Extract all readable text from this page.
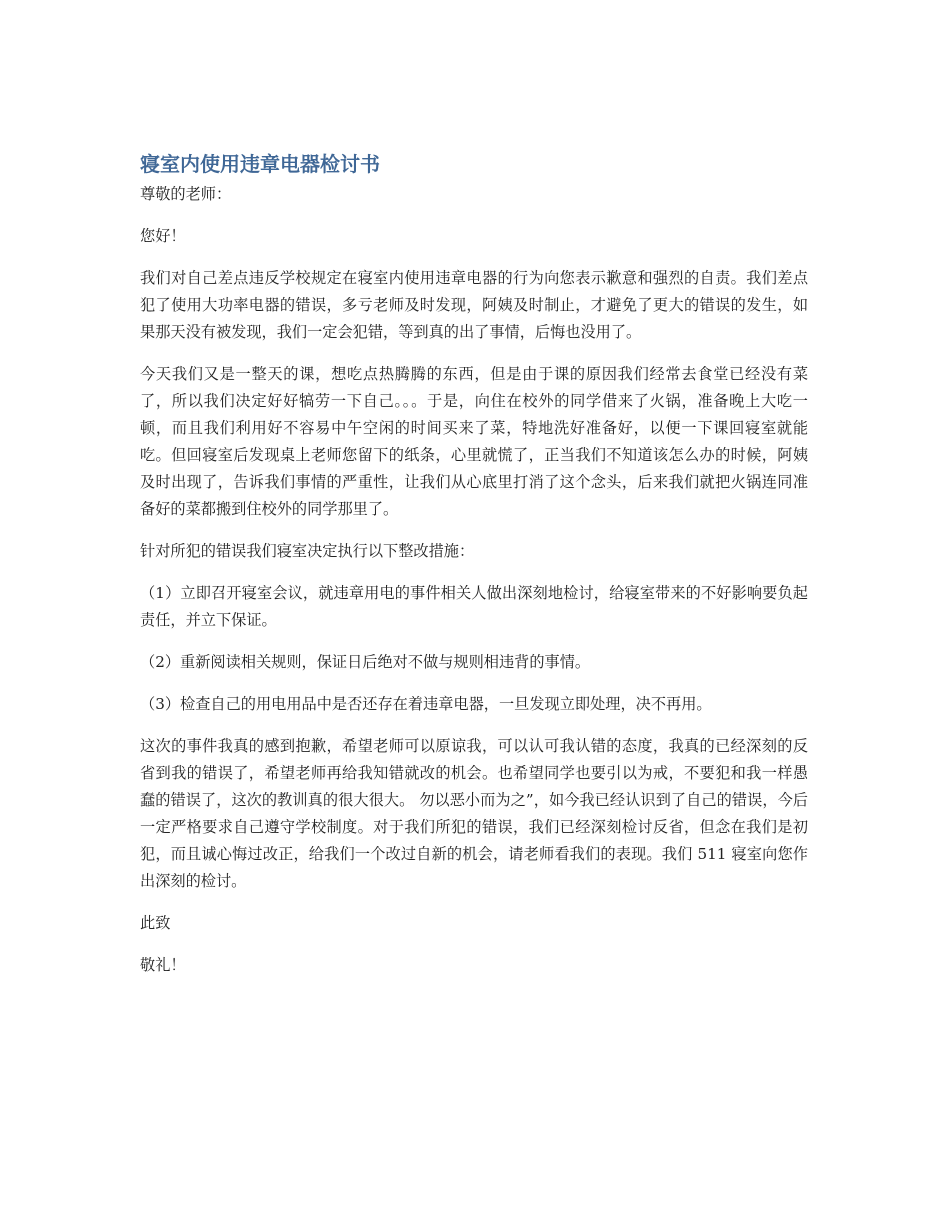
寝室内使用违章电器检讨书

尊敬的老师：

您好！

我们对自己差点违反学校规定在寝室内使用违章电器的行为向您表示歉意和强烈的自责。我们差点犯了使用大功率电器的错误，多亏老师及时发现，阿姨及时制止，才避免了更大的错误的发生，如果那天没有被发现，我们一定会犯错，等到真的出了事情，后悔也没用了。

今天我们又是一整天的课，想吃点热腾腾的东西，但是由于课的原因我们经常去食堂已经没有菜了，所以我们决定好好犒劳一下自己。。。于是，向住在校外的同学借来了火锅，准备晚上大吃一顿，而且我们利用好不容易中午空闲的时间买来了菜，特地洗好准备好，以便一下课回寝室就能吃。但回寝室后发现桌上老师您留下的纸条，心里就慌了，正当我们不知道该怎么办的时候，阿姨及时出现了，告诉我们事情的严重性，让我们从心底里打消了这个念头，后来我们就把火锅连同准备好的菜都搬到住校外的同学那里了。

针对所犯的错误我们寝室决定执行以下整改措施：

（1）立即召开寝室会议，就违章用电的事件相关人做出深刻地检讨，给寝室带来的不好影响要负起责任，并立下保证。

（2）重新阅读相关规则，保证日后绝对不做与规则相违背的事情。

（3）检查自己的用电用品中是否还存在着违章电器，一旦发现立即处理，决不再用。

这次的事件我真的感到抱歉，希望老师可以原谅我，可以认可我认错的态度，我真的已经深刻的反省到我的错误了，希望老师再给我知错就改的机会。也希望同学也要引以为戒，不要犯和我一样愚蠢的错误了，这次的教训真的很大很大。 勿以恶小而为之”，如今我已经认识到了自己的错误，今后一定严格要求自己遵守学校制度。对于我们所犯的错误，我们已经深刻检讨反省，但念在我们是初犯，而且诚心悔过改正，给我们一个改过自新的机会，请老师看我们的表现。我们 511 寝室向您作出深刻的检讨。

此致

敬礼！
